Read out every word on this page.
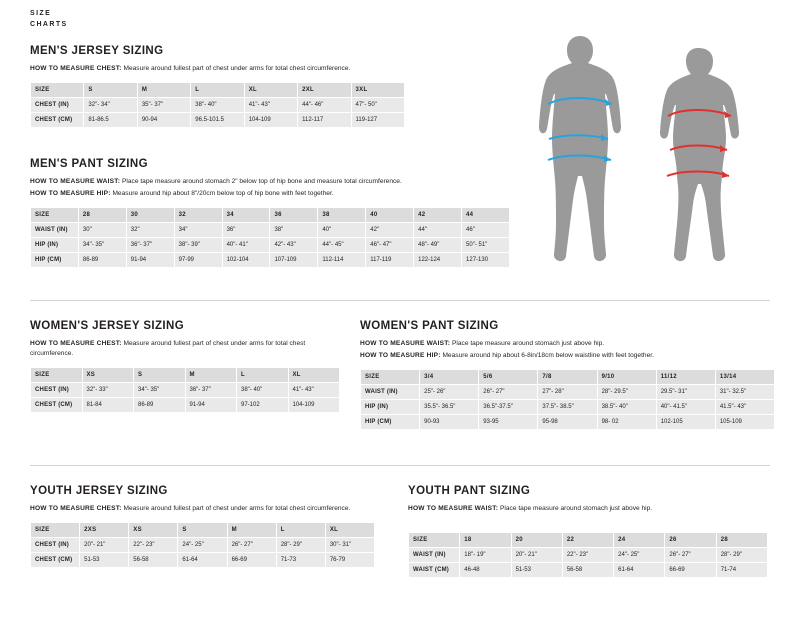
SIZE
CHARTS
MEN'S JERSEY SIZING

HOW TO MEASURE CHEST: Measure around fullest part of chest under arms for total chest circumference.

SIZE	S	M	L	XL	2XL	3XL
CHEST (IN)	32"- 34"	35"- 37"	38"- 40"	41"- 43"	44"- 46"	47"- 50"
CHEST (CM)	81-86.5	90-94	96.5-101.5	104-109	112-117	119-127
MEN'S PANT SIZING

HOW TO MEASURE WAIST: Place tape measure around stomach 2" below top of hip bone and measure total circumference.

HOW TO MEASURE HIP: Measure around hip about 8"/20cm below top of hip bone with feet together.

SIZE	28	30	32	34	36	38	40	42	44
WAIST (IN)	30"	32"	34"	36"	38"	40"	42"	44"	46"
HIP (IN)	34"- 35"	36"- 37"	38"- 39"	40"- 41"	42"- 43"	44"- 45"	46"- 47"	48"- 49"	50"- 51"
HIP (CM)	86-89	91-94	97-99	102-104	107-109	112-114	117-119	122-124	127-130
WOMEN'S JERSEY SIZING

HOW TO MEASURE CHEST: Measure around fullest part of chest under arms for total chest circumference.

SIZE	XS	S	M	L	XL
CHEST (IN)	32"- 33"	34"- 35"	36"- 37"	38"- 40"	41"- 43"
CHEST (CM)	81-84	86-89	91-94	97-102	104-109
WOMEN'S PANT SIZING

HOW TO MEASURE WAIST: Place tape measure around stomach just above hip.

HOW TO MEASURE HIP: Measure around hip about 6-8in/18cm below waistline with feet together.

SIZE	3/4	5/6	7/8	9/10	11/12	13/14
WAIST (IN)	25"- 26"	26"- 27"	27"- 28"	28"- 29.5"	29.5"- 31"	31"- 32.5"
HIP (IN)	35.5"- 36.5"	36.5"-37.5"	37.5"- 38.5"	38.5"- 40"	40"- 41.5"	41.5"- 43"
HIP (CM)	90-93	93-95	95-98	98- 02	102-105	105-109
YOUTH JERSEY SIZING

HOW TO MEASURE CHEST: Measure around fullest part of chest under arms for total chest circumference.

SIZE	2XS	XS	S	M	L	XL
CHEST (IN)	20"- 21"	22"- 23"	24"- 25"	26"- 27"	28"- 29"	30"- 31"
CHEST (CM)	51-53	56-58	61-64	66-69	71-73	76-79
YOUTH PANT SIZING

HOW TO MEASURE WAIST: Place tape measure around stomach just above hip.

SIZE	18	20	22	24	26	28
WAIST (IN)	18"- 19"	20"- 21"	22"- 23"	24"- 25"	26"- 27"	28"- 29"
WAIST (CM)	46-48	51-53	56-58	61-64	66-69	71-74
